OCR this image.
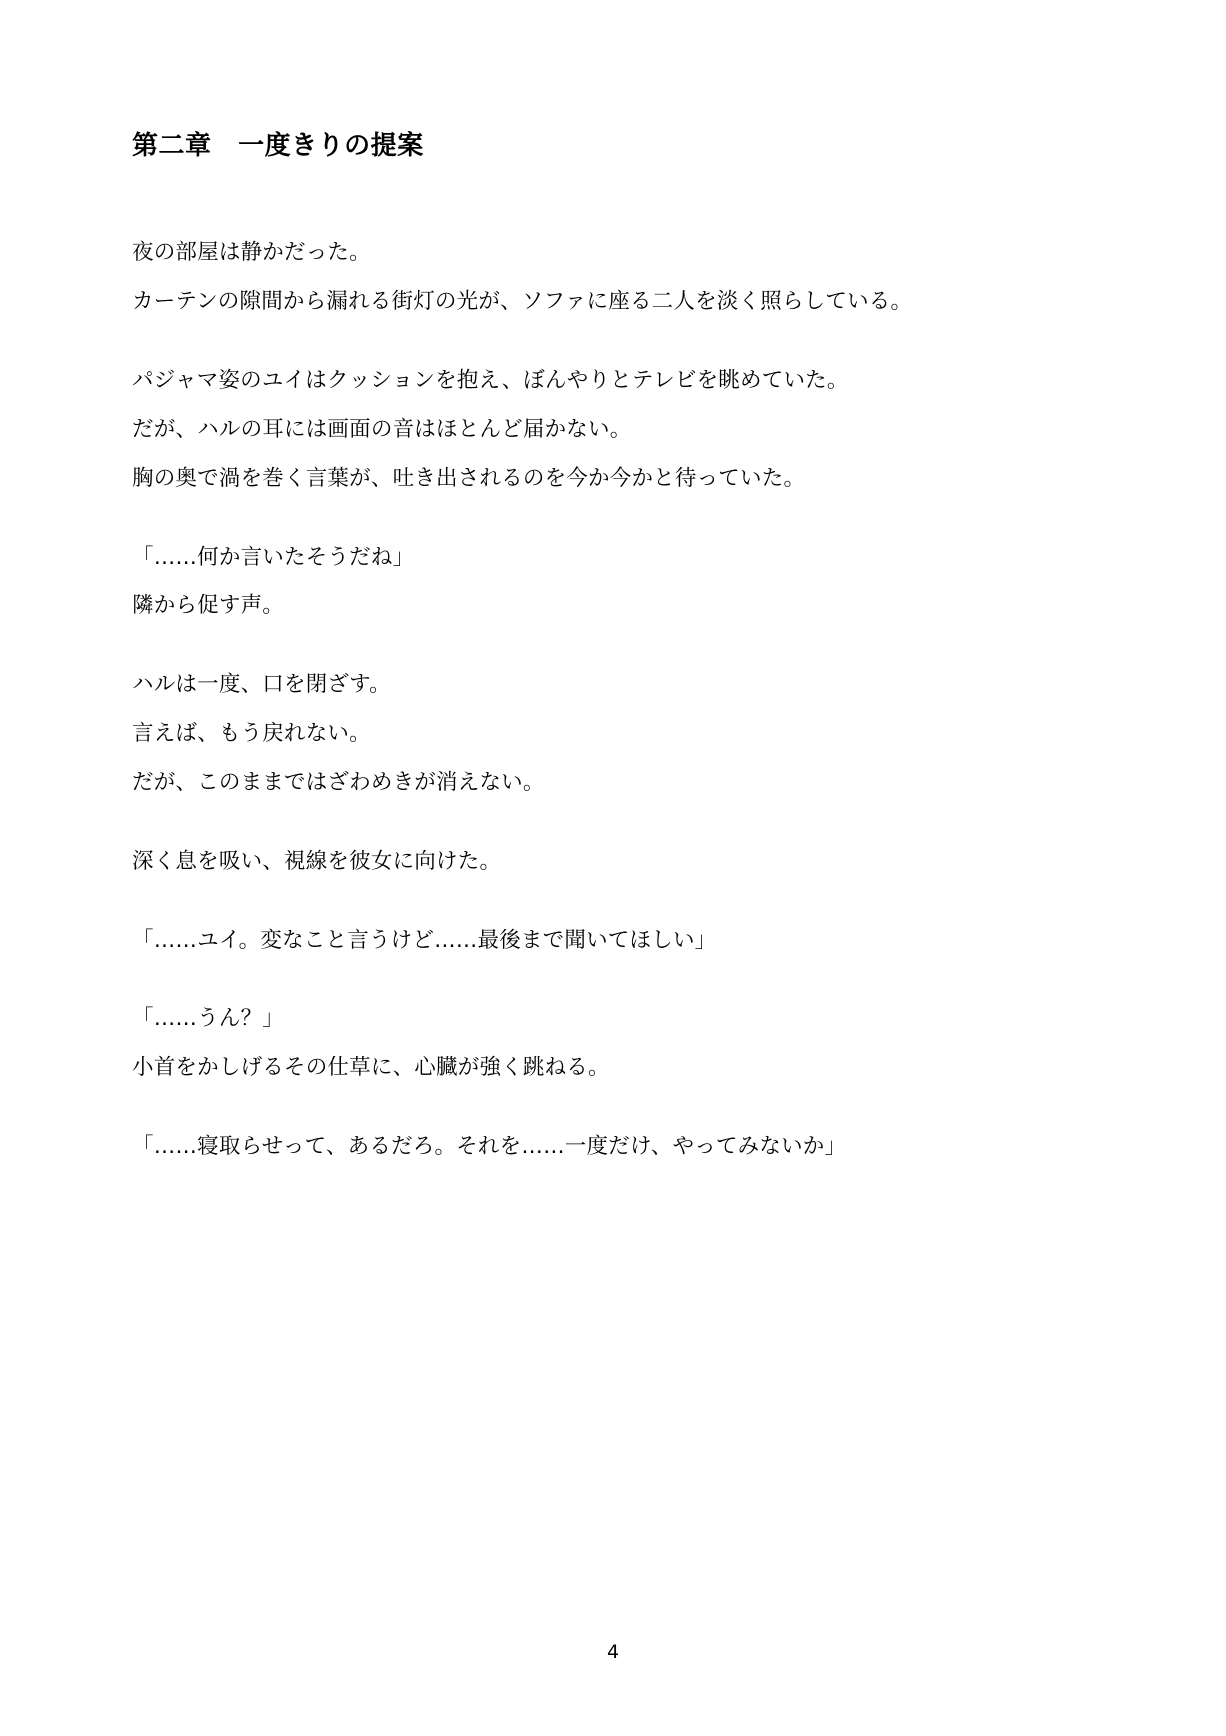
第二章　一度きりの提案

夜の部屋は静かだった。

カーテンの隙間から漏れる街灯の光が、ソファに座る二人を淡く照らしている。

パジャマ姿のユイはクッションを抱え、ぼんやりとテレビを眺めていた。

だが、ハルの耳には画面の音はほとんど届かない。

胸の奥で渦を巻く言葉が、吐き出されるのを今か今かと待っていた。

「……何か言いたそうだね」

隣から促す声。

ハルは一度、口を閉ざす。

言えば、もう戻れない。

だが、このままではざわめきが消えない。

深く息を吸い、視線を彼女に向けた。

「……ユイ。変なこと言うけど……最後まで聞いてほしい」

「……うん？」

小首をかしげるその仕草に、心臓が強く跳ねる。

「……寝取らせって、あるだろ。それを……一度だけ、やってみないか」

4
